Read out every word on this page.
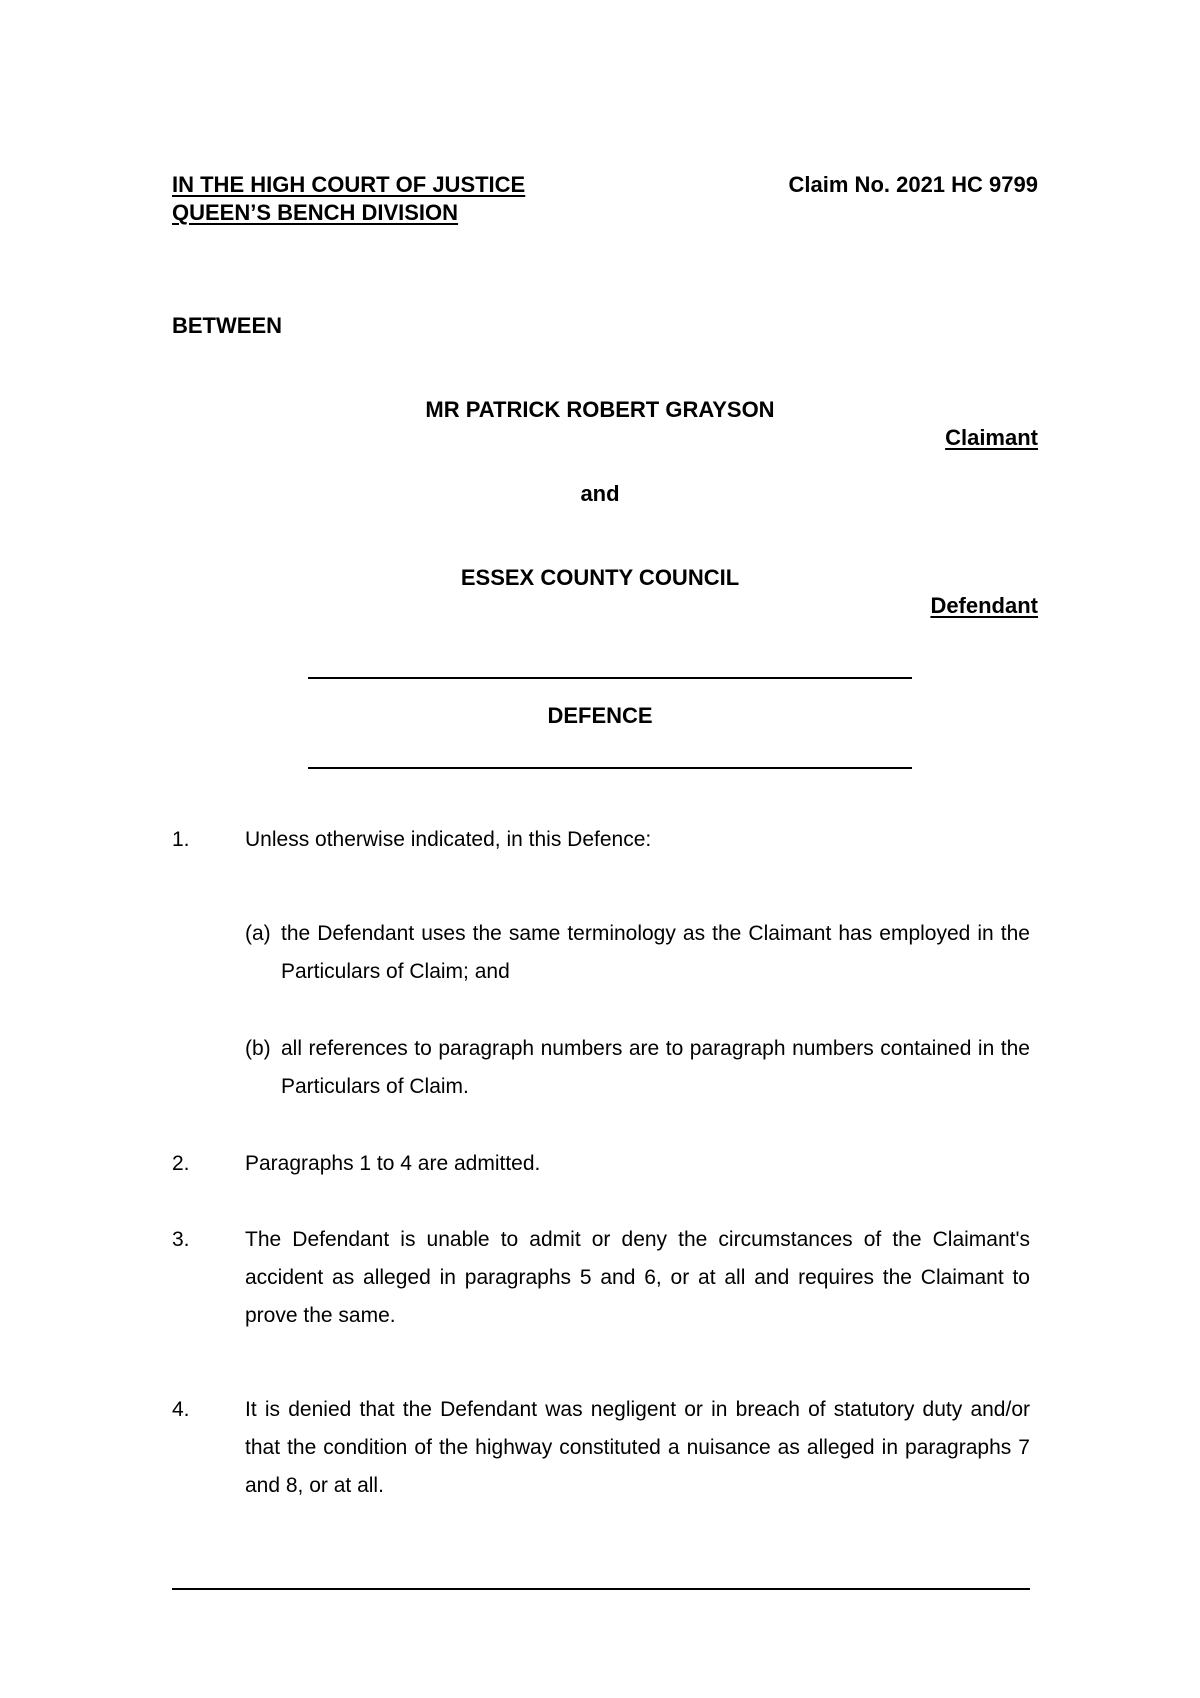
IN THE HIGH COURT OF JUSTICE
QUEEN’S BENCH DIVISION
Claim No. 2021 HC 9799
BETWEEN
MR PATRICK ROBERT GRAYSON
Claimant
and
ESSEX COUNTY COUNCIL
Defendant
DEFENCE
1.	Unless otherwise indicated, in this Defence:
(a) the Defendant uses the same terminology as the Claimant has employed in the Particulars of Claim; and
(b) all references to paragraph numbers are to paragraph numbers contained in the Particulars of Claim.
2.	Paragraphs 1 to 4 are admitted.
3.	The Defendant is unable to admit or deny the circumstances of the Claimant's accident as alleged in paragraphs 5 and 6, or at all and requires the Claimant to prove the same.
4.	It is denied that the Defendant was negligent or in breach of statutory duty and/or that the condition of the highway constituted a nuisance as alleged in paragraphs 7 and 8, or at all.
